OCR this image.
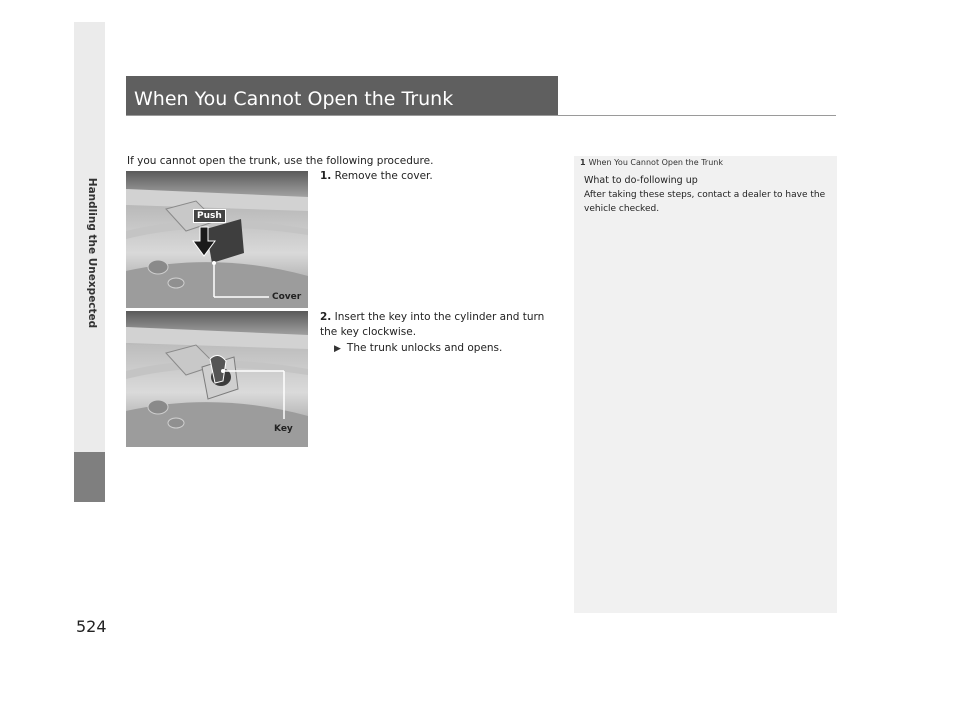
Handling the Unexpected
524
When You Cannot Open the Trunk
If you cannot open the trunk, use the following procedure.
Push
Cover
1. Remove the cover.
Key
2. Insert the key into the cylinder and turn the key clockwise.
▶ The trunk unlocks and opens.
1 When You Cannot Open the Trunk
What to do-following up
After taking these steps, contact a dealer to have the vehicle checked.
